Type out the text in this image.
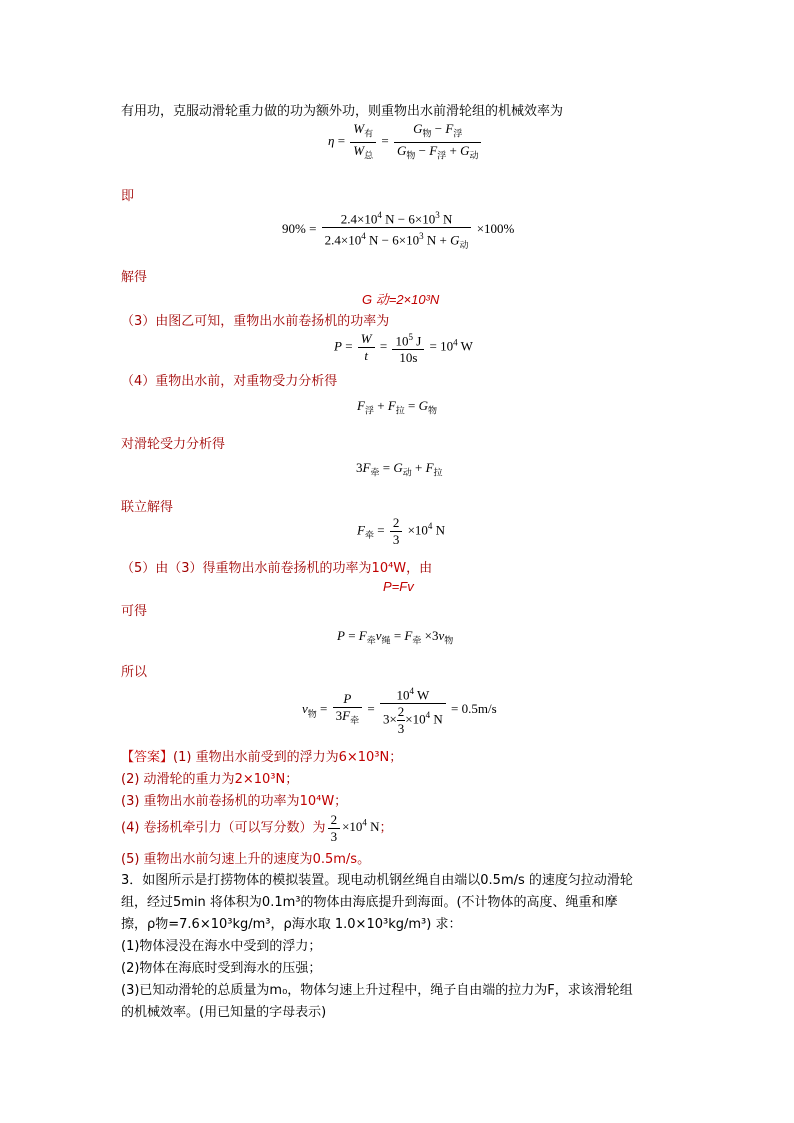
有用功，克服动滑轮重力做的功为额外功，则重物出水前滑轮组的机械效率为
$\eta = \frac{W_有}{W_总} = \frac{G_物 - F_浮}{G_物 - F_浮 + G_动}$
即
$90\% = \frac{2.4\times 10^4 N - 6\times 10^3 N}{2.4\times 10^4 N - 6\times 10^3 N + G_动} \times 100\%$
解得
G 动=2×10³N
（3）由图乙可知，重物出水前卷扬机的功率为
$P = \frac{W}{t} = \frac{10^5 J}{10s} = 10^4$ W
（4）重物出水前，对重物受力分析得
$F_浮 + F_拉 = G_物$
对滑轮受力分析得
$3F_牵 = G_动 + F_拉$
联立解得
$F_牵 = \frac{2}{3} \times 10^4$ N
（5）由（3）得重物出水前卷扬机的功率为10⁴W，由
P=Fv
可得
$P = F_牵v_绳 = F_牵 \times 3v_物$
所以
$v_物 = \frac{P}{3F_牵} = \frac{10^4 W}{3\times \frac{2}{3} \times 10^4 N} = 0.5m/s$
【答案】(1) 重物出水前受到的浮力为6×10³N；
(2) 动滑轮的重力为2×10³N；
(3) 重物出水前卷扬机的功率为10⁴W；
(4) 卷扬机牵引力（可以写分数）为 $\frac{2}{3} \times 10^4$ N；
(5) 重物出水前匀速上升的速度为0.5m/s。
3．如图所示是打捞物体的模拟装置。现电动机钢丝绳自由端以0.5m/s 的速度匀拉动滑轮
组，经过5min 将体积为0.1m³的物体由海底提升到海面。(不计物体的高度、绳重和摩
擦，ρ物=7.6×10³kg/m³，ρ海水取 1.0×10³kg/m³) 求：
(1)物体浸没在海水中受到的浮力；
(2)物体在海底时受到海水的压强；
(3)已知动滑轮的总质量为m₀，物体匀速上升过程中，绳子自由端的拉力为F，求该滑轮组
的机械效率。(用已知量的字母表示)
